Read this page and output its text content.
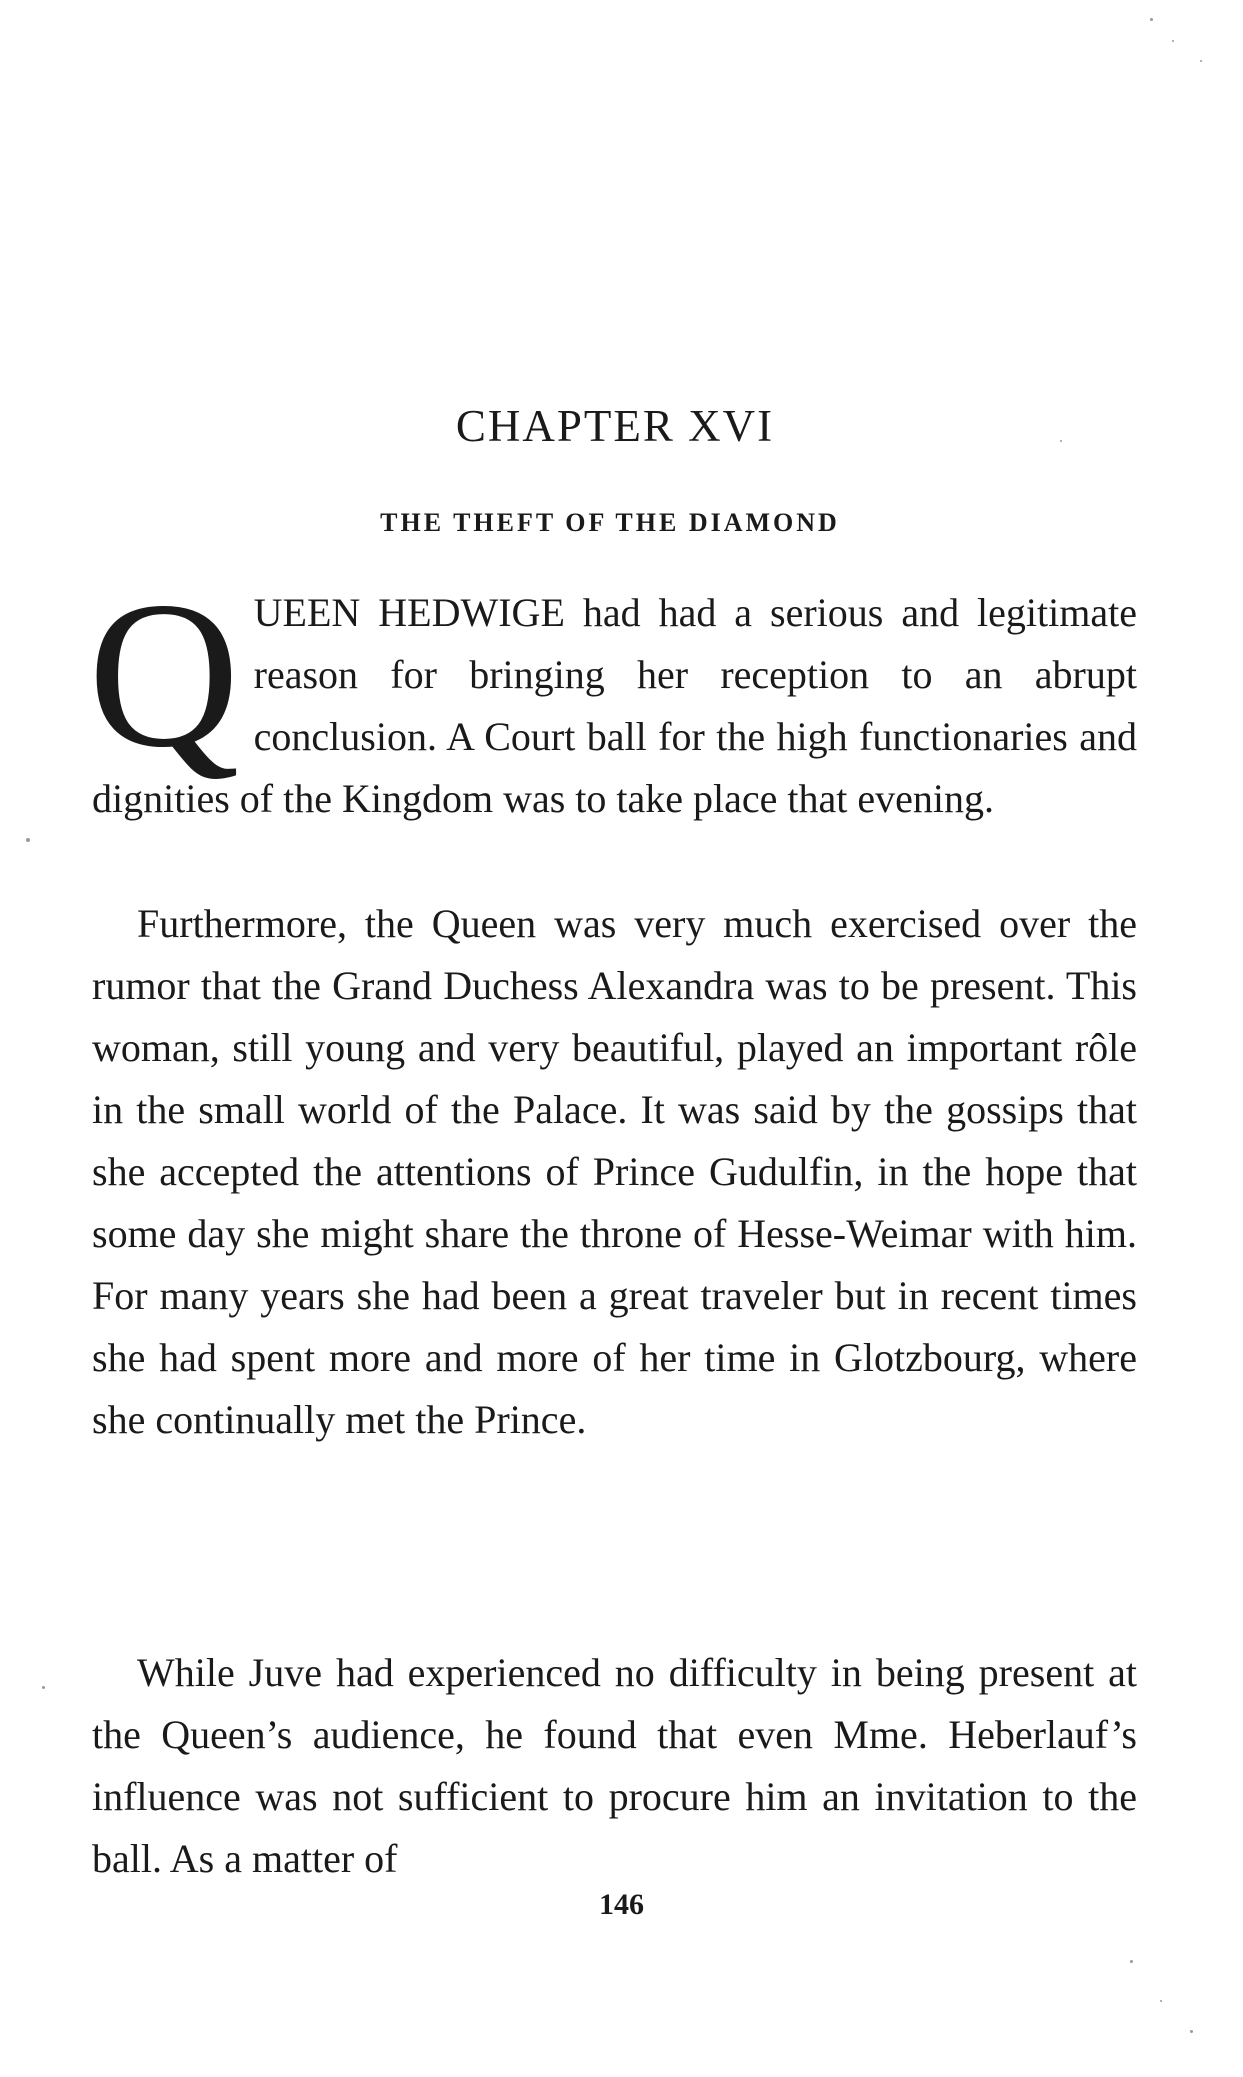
CHAPTER XVI
THE THEFT OF THE DIAMOND

QUEEN HEDWIGE had had a serious and legitimate reason for bringing her reception to an abrupt conclusion. A Court ball for the high functionaries and dignities of the Kingdom was to take place that evening.

Furthermore, the Queen was very much exercised over the rumor that the Grand Duchess Alexandra was to be present. This woman, still young and very beautiful, played an important rôle in the small world of the Palace. It was said by the gossips that she accepted the attentions of Prince Gudulfin, in the hope that some day she might share the throne of Hesse-Weimar with him. For many years she had been a great traveler but in recent times she had spent more and more of her time in Glotzbourg, where she continually met the Prince.

While Juve had experienced no difficulty in being present at the Queen’s audience, he found that even Mme. Heberlauf’s influence was not sufficient to procure him an invitation to the ball. As a matter of

146
